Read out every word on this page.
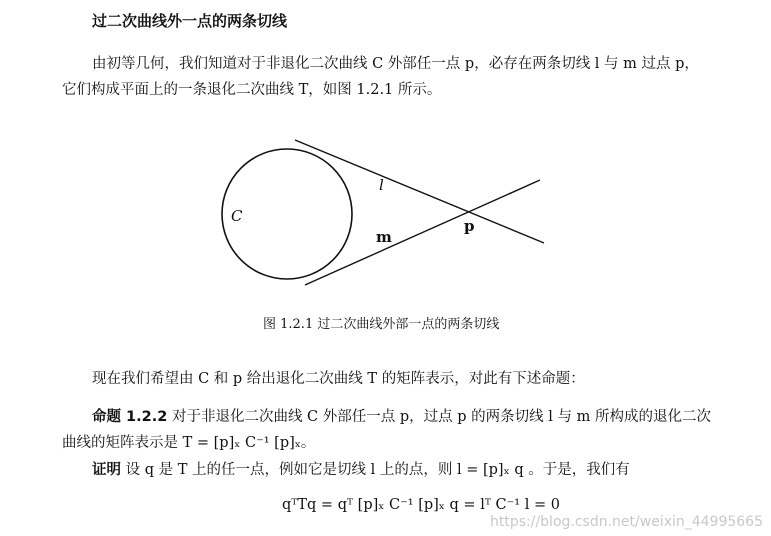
过二次曲线外一点的两条切线
由初等几何，我们知道对于非退化二次曲线 C 外部任一点 p，必存在两条切线 l 与 m 过点 p，
它们构成平面上的一条退化二次曲线 T，如图 1.2.1 所示。
C
l
m
p
图 1.2.1 过二次曲线外部一点的两条切线
现在我们希望由 C 和 p 给出退化二次曲线 T 的矩阵表示，对此有下述命题：
命题 1.2.2 对于非退化二次曲线 C 外部任一点 p，过点 p 的两条切线 l 与 m 所构成的退化二次
曲线的矩阵表示是 T = [p]ₓ C⁻¹ [p]ₓ。
证明 设 q 是 T 上的任一点，例如它是切线 l 上的点，则 l = [p]ₓ q 。于是，我们有
qᵀTq = qᵀ [p]ₓ C⁻¹ [p]ₓ q = lᵀ C⁻¹ l = 0
https://blog.csdn.net/weixin_44995665
